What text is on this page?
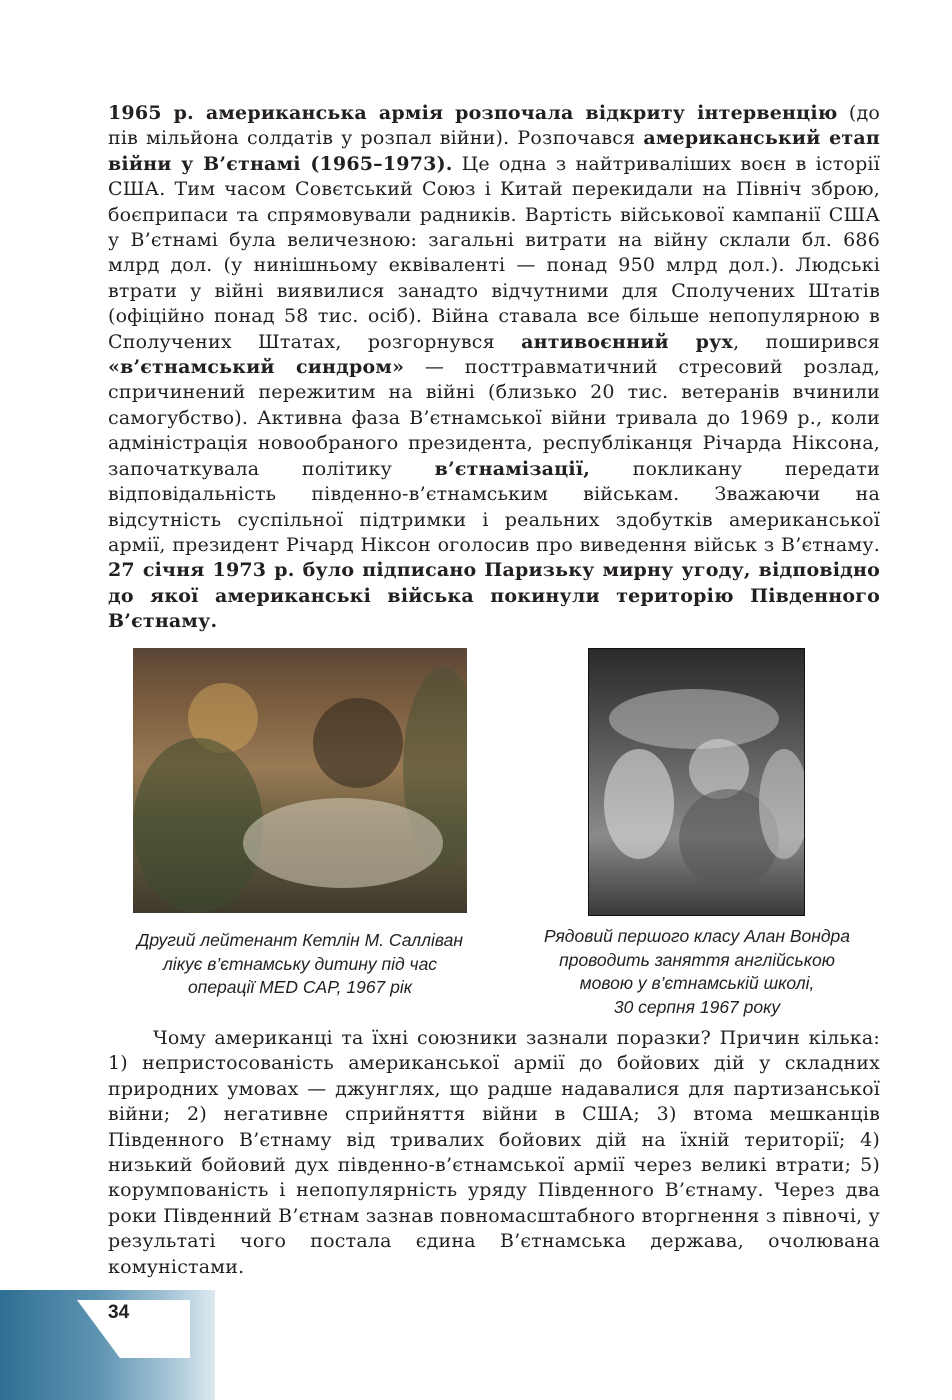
1965 р. американська армія розпочала відкриту інтервенцію (до пів мільйона солдатів у розпал війни). Розпочався американський етап війни у В’єтнамі (1965–1973). Це одна з найтриваліших воєн в історії США. Тим часом Совєтський Союз і Китай перекидали на Північ зброю, боєприпаси та спрямовували радників. Вартість військової кампанії США у В’єтнамі була величезною: загальні витрати на війну склали бл. 686 млрд дол. (у нинішньому еквіваленті — понад 950 млрд дол.). Людські втрати у війні виявилися занадто відчутними для Сполучених Штатів (офіційно понад 58 тис. осіб). Війна ставала все більше непопулярною в Сполучених Штатах, розгорнувся антивоєнний рух, поширився «в’єтнамський синдром» — посттравматичний стресовий розлад, спричинений пережитим на війні (близько 20 тис. ветеранів вчинили самогубство). Активна фаза В’єтнамської війни тривала до 1969 р., коли адміністрація новообраного президента, республіканця Річарда Ніксона, започаткувала політику в’єтнамізації, покликану передати відповідальність південно-в’єтнамським військам. Зважаючи на відсутність суспільної підтримки і реальних здобутків американської армії, президент Річард Ніксон оголосив про виведення військ з В’єтнаму. 27 січня 1973 р. було підписано Паризьку мирну угоду, відповідно до якої американські війська покинули територію Південного В’єтнаму.

Другий лейтенант Кетлін М. Салліван
лікує в’єтнамську дитину під час
операції MED CAP, 1967 рік
Рядовий першого класу Алан Вондра
проводить заняття англійською
мовою у в’єтнамській школі,
30 серпня 1967 року

Чому американці та їхні союзники зазнали поразки? Причин кілька: 1) непристосованість американської армії до бойових дій у складних природних умовах — джунглях, що радше надавалися для партизанської війни; 2) негативне сприйняття війни в США; 3) втома мешканців Південного В’єтнаму від тривалих бойових дій на їхній території; 4) низький бойовий дух південно-в’єтнамської армії через великі втрати; 5) корумпованість і непопулярність уряду Південного В’єтнаму. Через два роки Південний В’єтнам зазнав повномасштабного вторгнення з півночі, у результаті чого постала єдина В’єтнамська держава, очолювана комуністами.

34
